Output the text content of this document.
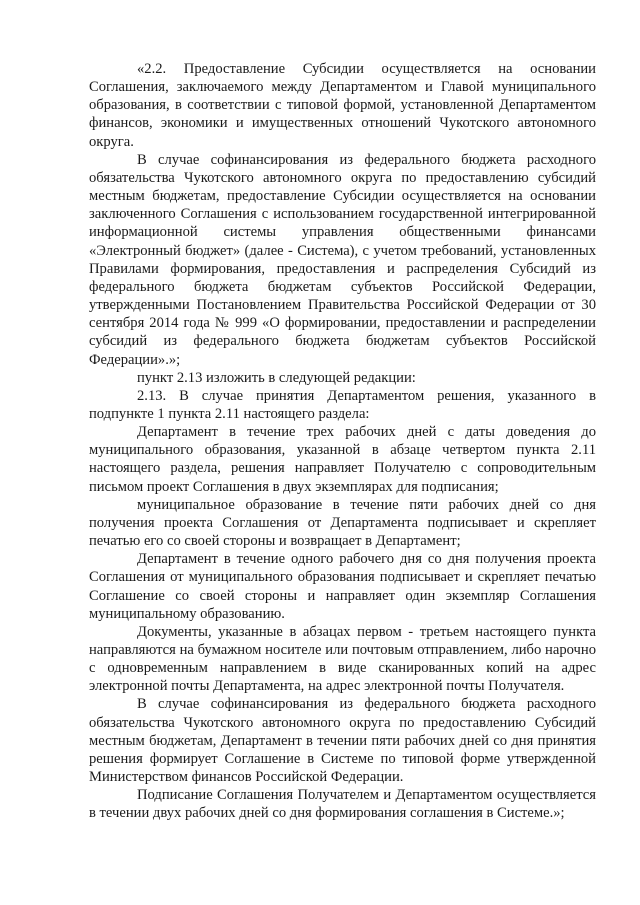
«2.2. Предоставление Субсидии осуществляется на основании Соглашения, заключаемого между Департаментом и Главой муниципального образования, в соответствии с типовой формой, установленной Департаментом финансов, экономики и имущественных отношений Чукотского автономного округа.

В случае софинансирования из федерального бюджета расходного обязательства Чукотского автономного округа по предоставлению субсидий местным бюджетам, предоставление Субсидии осуществляется на основании заключенного Соглашения с использованием государственной интегрированной информационной системы управления общественными финансами «Электронный бюджет» (далее - Система), с учетом требований, установленных Правилами формирования, предоставления и распределения Субсидий из федерального бюджета бюджетам субъектов Российской Федерации, утвержденными Постановлением Правительства Российской Федерации от 30 сентября 2014 года № 999 «О формировании, предоставлении и распределении субсидий из федерального бюджета бюджетам субъектов Российской Федерации».»;

пункт 2.13 изложить в следующей редакции:

2.13. В случае принятия Департаментом решения, указанного в подпункте 1 пункта 2.11 настоящего раздела:

Департамент в течение трех рабочих дней с даты доведения до муниципального образования, указанной в абзаце четвертом пункта 2.11 настоящего раздела, решения направляет Получателю с сопроводительным письмом проект Соглашения в двух экземплярах для подписания;

муниципальное образование в течение пяти рабочих дней со дня получения проекта Соглашения от Департамента подписывает и скрепляет печатью его со своей стороны и возвращает в Департамент;

Департамент в течение одного рабочего дня со дня получения проекта Соглашения от муниципального образования подписывает и скрепляет печатью Соглашение со своей стороны и направляет один экземпляр Соглашения муниципальному образованию.

Документы, указанные в абзацах первом - третьем настоящего пункта направляются на бумажном носителе или почтовым отправлением, либо нарочно с одновременным направлением в виде сканированных копий на адрес электронной почты Департамента, на адрес электронной почты Получателя.

В случае софинансирования из федерального бюджета расходного обязательства Чукотского автономного округа по предоставлению Субсидий местным бюджетам, Департамент в течении пяти рабочих дней со дня принятия решения формирует Соглашение в Системе по типовой форме утвержденной Министерством финансов Российской Федерации.

Подписание Соглашения Получателем и Департаментом осуществляется в течении двух рабочих дней со дня формирования соглашения в Системе.»;
